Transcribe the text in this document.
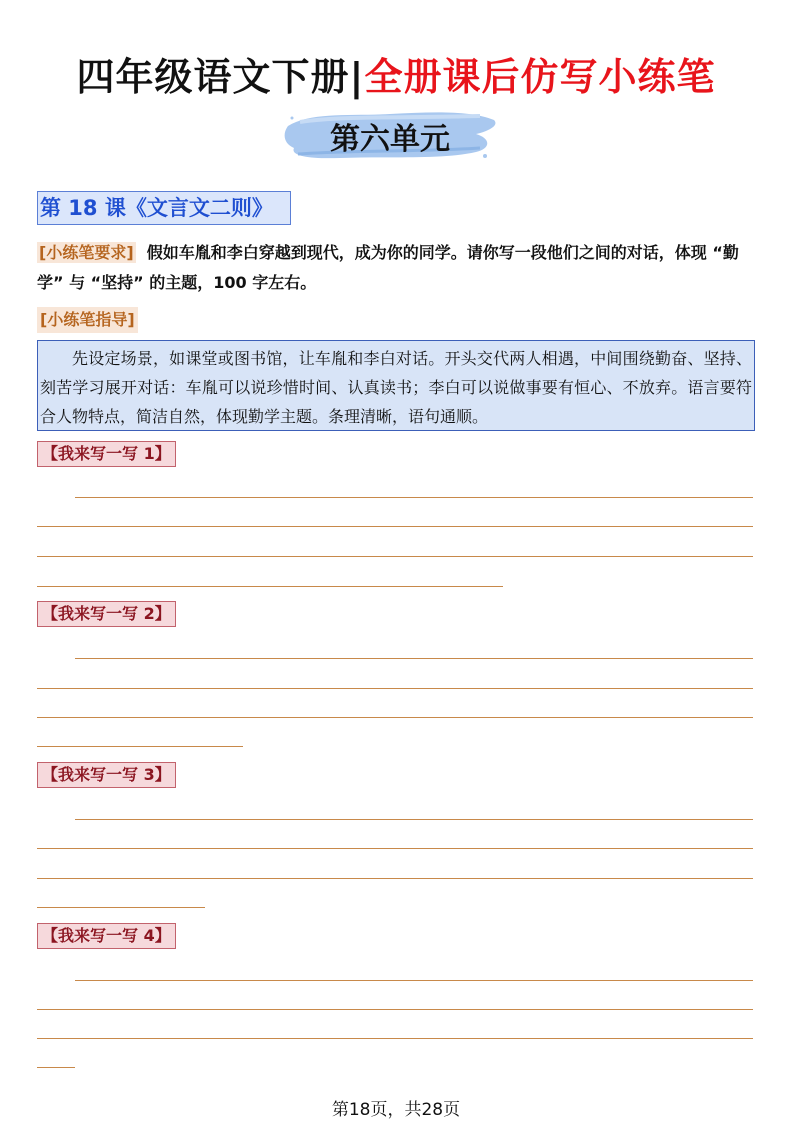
四年级语文下册|全册课后仿写小练笔
第六单元
第 18 课《文言文二则》
[小练笔要求] 假如车胤和李白穿越到现代，成为你的同学。请你写一段他们之间的对话，体现 “勤学” 与 “坚持” 的主题，100 字左右。
[小练笔指导]
先设定场景，如课堂或图书馆，让车胤和李白对话。开头交代两人相遇，中间围绕勤奋、坚持、刻苦学习展开对话：车胤可以说珍惜时间、认真读书；李白可以说做事要有恒心、不放弃。语言要符合人物特点，简洁自然，体现勤学主题。条理清晰，语句通顺。
【我来写一写 1】
【我来写一写 2】
【我来写一写 3】
【我来写一写 4】
第18页，共28页
